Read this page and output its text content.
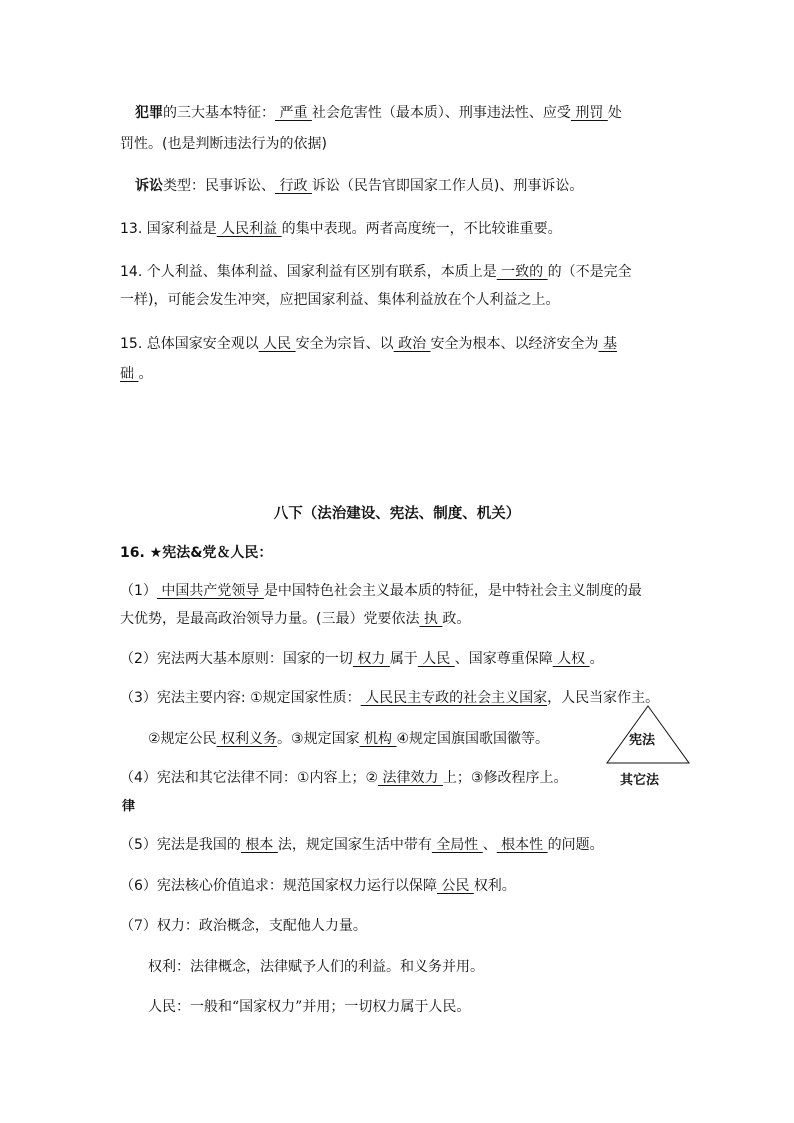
犯罪的三大基本特征： 严重 社会危害性（最本质）、刑事违法性、应受 刑罚 处
罚性。(也是判断违法行为的依据)
诉讼类型：民事诉讼、 行政 诉讼（民告官即国家工作人员)、刑事诉讼。
13. 国家利益是 人民利益 的集中表现。两者高度统一，不比较谁重要。
14. 个人利益、集体利益、国家利益有区别有联系，本质上是 一致的 的（不是完全
一样)，可能会发生冲突，应把国家利益、集体利益放在个人利益之上。
15. 总体国家安全观以 人民 安全为宗旨、以 政治 安全为根本、以经济安全为 基
础 。
八下（法治建设、宪法、制度、机关）
16. ★宪法&党＆人民：
（1） 中国共产党领导 是中国特色社会主义最本质的特征，是中特社会主义制度的最
大优势，是最高政治领导力量。(三最）党要依法 执 政。
（2）宪法两大基本原则：国家的一切 权力 属于 人民 、国家尊重保障 人权 。
（3）宪法主要内容: ①规定国家性质： 人民民主专政的社会主义国家，人民当家作主。
②规定公民 权利义务。③规定国家 机构 ④规定国旗国歌国徽等。	宪法
（4）宪法和其它法律不同：①内容上；② 法律效力 上；③修改程序上。	其它法
律
（5）宪法是我国的 根本 法，规定国家生活中带有 全局性 、 根本性 的问题。
（6）宪法核心价值追求：规范国家权力运行以保障 公民 权利。
（7）权力：政治概念，支配他人力量。
权利：法律概念，法律赋予人们的利益。和义务并用。
人民：一般和“国家权力”并用；一切权力属于人民。
